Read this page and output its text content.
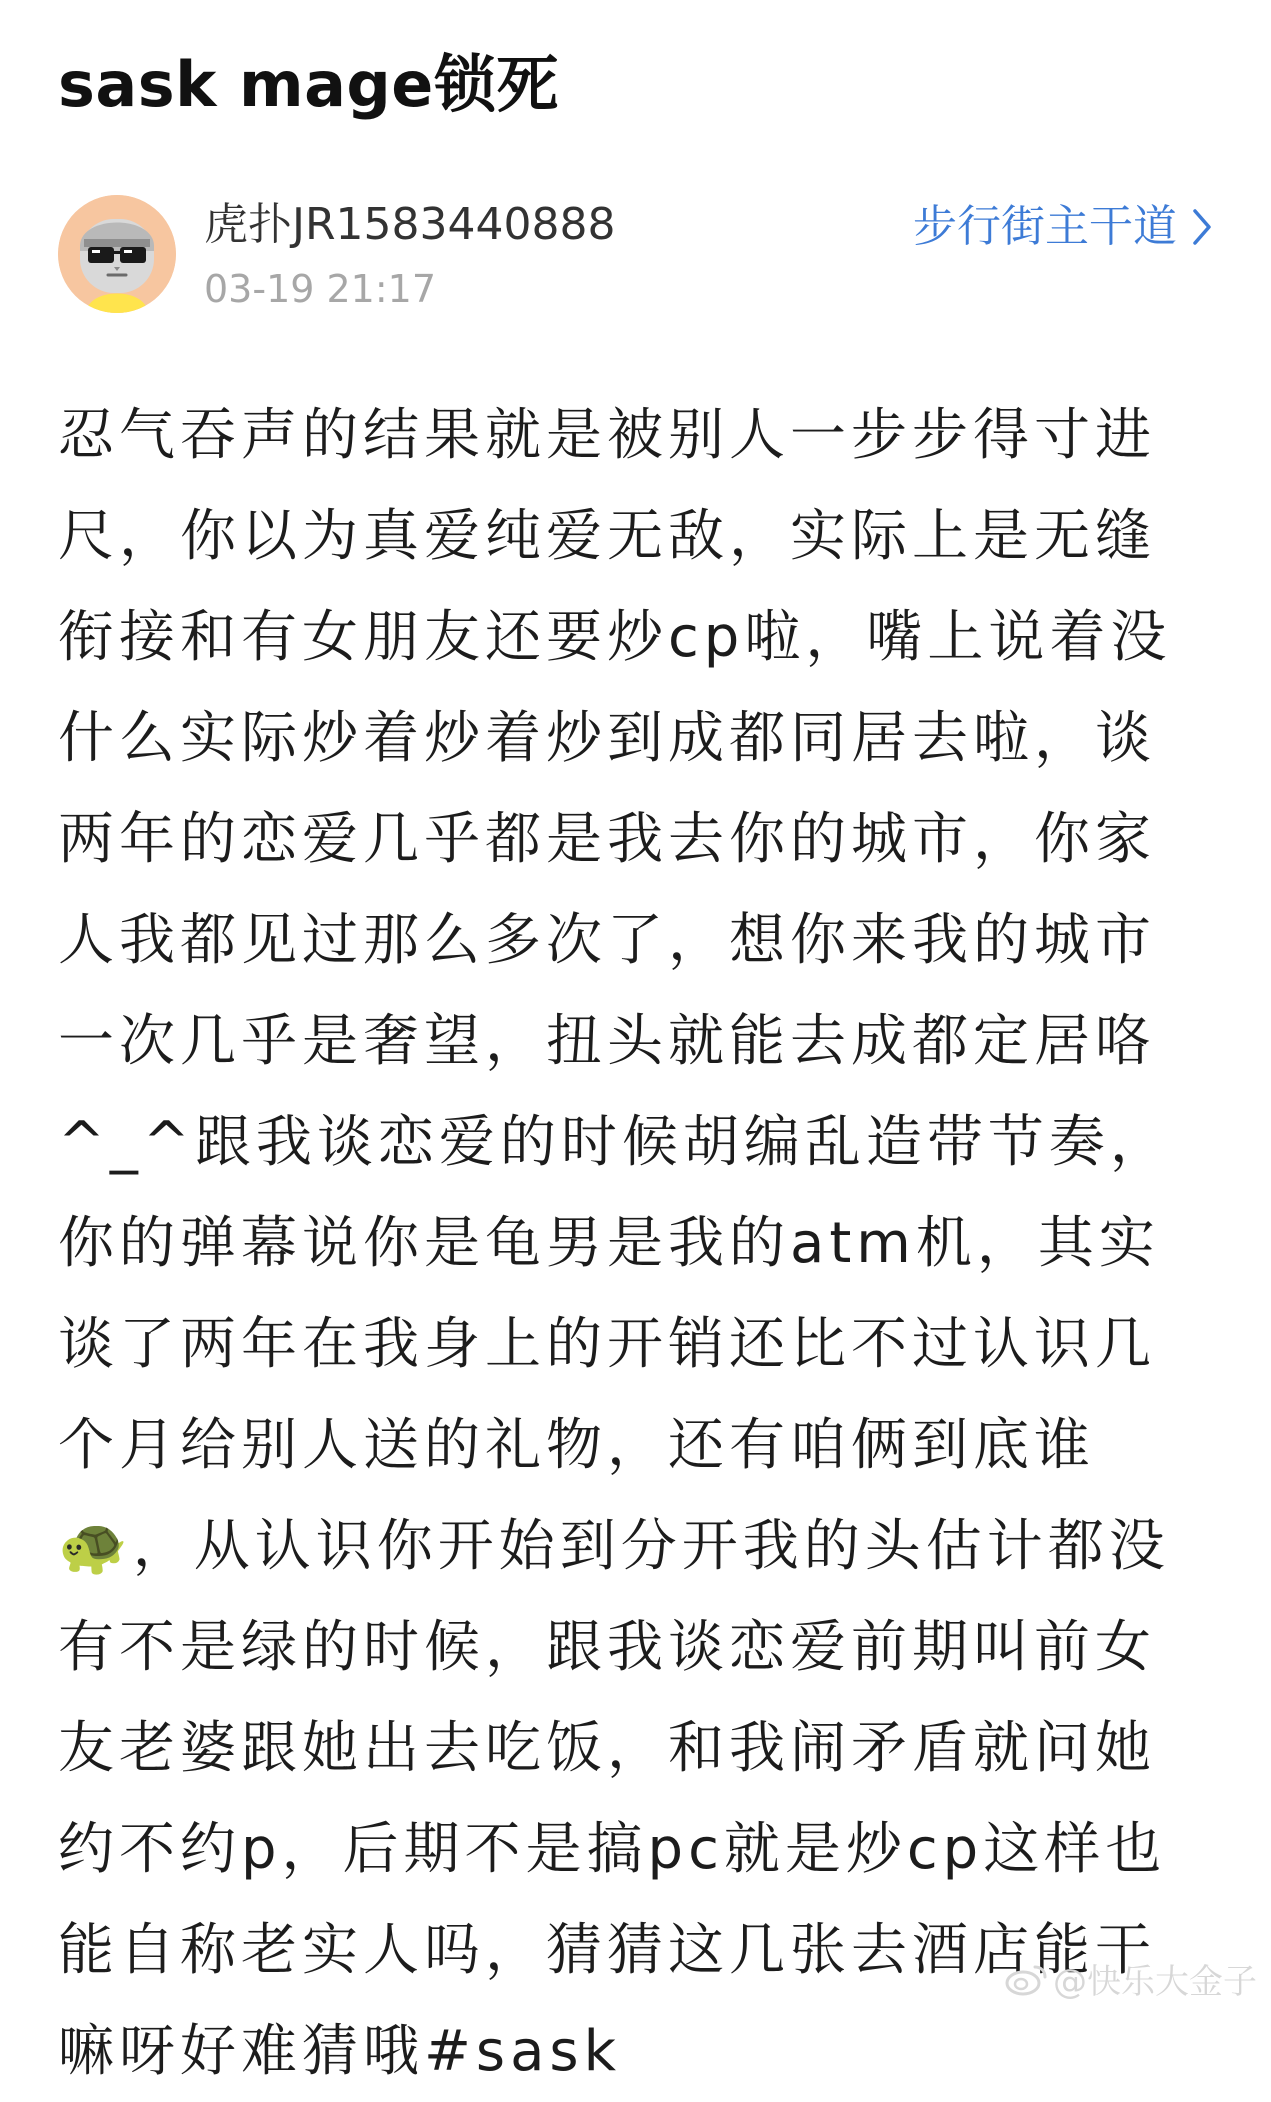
sask mage锁死
虎扑JR1583440888
03-19 21:17
步行街主干道

忍气吞声的结果就是被别人一步步得寸进尺，你以为真爱纯爱无敌，实际上是无缝衔接和有女朋友还要炒cp啦，嘴上说着没什么实际炒着炒着炒到成都同居去啦，谈两年的恋爱几乎都是我去你的城市，你家人我都见过那么多次了，想你来我的城市一次几乎是奢望，扭头就能去成都定居咯^_^跟我谈恋爱的时候胡编乱造带节奏，你的弹幕说你是龟男是我的atm机，其实谈了两年在我身上的开销还比不过认识几个月给别人送的礼物，还有咱俩到底谁🐢，从认识你开始到分开我的头估计都没有不是绿的时候，跟我谈恋爱前期叫前女友老婆跟她出去吃饭，和我闹矛盾就问她约不约p，后期不是搞pc就是炒cp这样也能自称老实人吗，猜猜这几张去酒店能干嘛呀好难猜哦#sask

@快乐大金子
